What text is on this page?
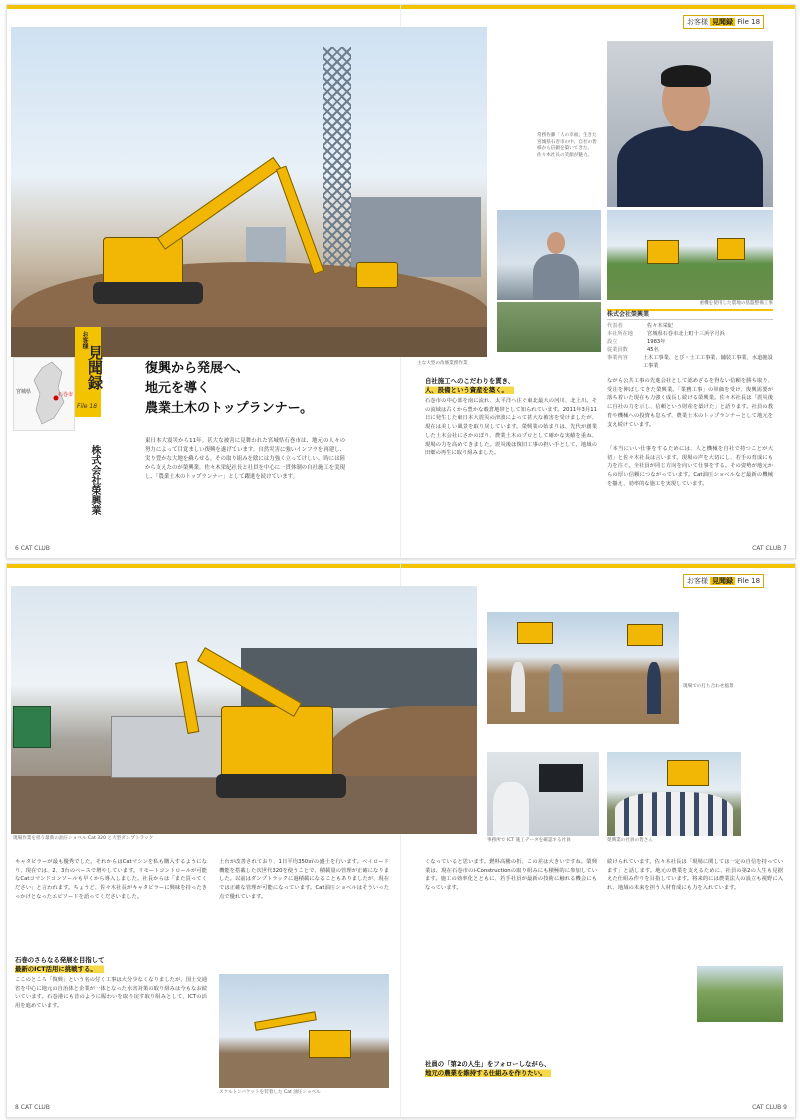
お客様
見聞録
File 18
株式会社榮興業
宮城県	石巻市
復興から発展へ、
地元を導く
農業土木のトップランナー。
東日本大震災から11年。甚大な被害に見舞われた宮城県石巻市は、地元の人々の努力によって目覚ましい復興を遂げています。自然災害に強いインフラを再建し、実り豊かな大地を蘇らせる。その取り組みを陰には力強く立ってけしい、時には陸から支えたのが榮興業。佐々木栄紀社長と社員を中心に一貫体制の自社施工を実現し、「農業土木のトップランナー」として躍進を続けています。
お客様 見聞録 File 18
常務佐藤「人の幸福」生きた宮城県石巻市の中、自社の皆様から信頼を築いてきた。佐々木社長の笑顔が魅力。
重機を使用した農地の基盤整備工事
株式会社榮興業
代表者	佐々木栄紀
本社所在地	宮城県石巻市北上町十三浜字月浜
設立	1983年
従業員数	45名
事業内容	土木工事業、とび・土工工事業、舗装工事業、水道施設工事業
主な大型の改修業務作業
自社施工へのこだわりを貫き、
人、設備という資産を築く。
石巻市の中心部を南に流れ、太平洋へ注ぐ東北最大の河川、北上川。その流域は古くから豊かな穀倉地帯として知られています。2011年3月11日に発生した東日本大震災の津波によって甚大な被害を受けましたが、現在は美しい風景を取り戻しています。榮興業の始まりは、先代が創業した土木会社にさかのぼり、農業土木のプロとして確かな実績を重ね、現場の力を高めてきました。震災後は復旧工事の担い手として、地域の田畑の再生に取り組みました。
ながら公共工事の先進会社として認めざるを得ない信頼を勝ち取り、受注を伸ばしてきた榮興業。「業務工事」の単価を受け、復興需要が落ち着いた現在も力強く成長し続ける榮興業。佐々木社長は「震災後に自社の力を示し、信頼という財産を築けた」と語ります。社員の教育や機械への投資も怠らず、農業土木のトップランナーとして地元を支え続けています。
「本当にいい仕事をするためには、人と機械を自社で持つことが大切」と佐々木社長は言います。現場の声を大切にし、若手の育成にも力を注ぐ。全社員が同じ方向を向いて仕事をする。その姿勢が地元からの厚い信頼につながっています。Cat油圧ショベルなど最新の機械を揃え、効率的な施工を実現しています。
6 CAT CLUB	CAT CLUB 7
お客様 見聞録 File 18
現場作業を担う最新の油圧ショベル Cat 320 と大型ダンプトラック
現場での打ち合わせ風景
事務所で ICT 施工データを確認する社員	榮興業の社員の皆さん
キャタピラーが最も優秀でした。それからはCatマシンを私も購入するようになり、現在では、2、3台のペースで増やしています。リモートコントロールが可能なCatコマンドコンソールも早くから導入しました。社長からは「また買ってください」と言われます。ちょうど、佐々木社長がキャタピラーに興味を持ったきっかけとなったエピソードを語ってくださいました。
石巻のさらなる発展を目指して
最新のICT活用に挑戦する。
ここのところ「復興」という名の付く工事は大分少なくなりましたが、国土交通省を中心に地元の自治体と企業が一体となった水害対策の取り組みは今もなお続いています。石巻港にも昔のように賑わいを取り戻す取り組みとして、ICTの活用を進めています。
土台が改善されており、1日平均350㎥の盛土を行います。ベイロード機能を搭載した次世代320を使うことで、積載量の管理が正確になりました。以前はダンプトラックに過積載になることもありましたが、現在では正確な管理が可能になっています。Cat油圧ショベルはそういった点で優れています。
スケルトンバケットを装着した Cat 油圧ショベル
くなっていると思います。燃料高騰の折、この差は大きいですね。榮興業は、現在石巻市のi-Constructionの取り組みにも積極的に参加しています。施工の効率化とともに、若手社員が最新の技術に触れる機会にもなっています。
社員の「第2の人生」をフォローしながら、
地元の農業を維持する仕組みを作りたい。
続けられています。佐々木社長は「現場に関しては一定の自信を持っています」と話します。地元の農業を支えるために、社員の第2の人生も見据えた仕組み作りを目指しています。将来的には農業法人の設立も視野に入れ、地域の未来を担う人材育成にも力を入れています。
8 CAT CLUB	CAT CLUB 9
